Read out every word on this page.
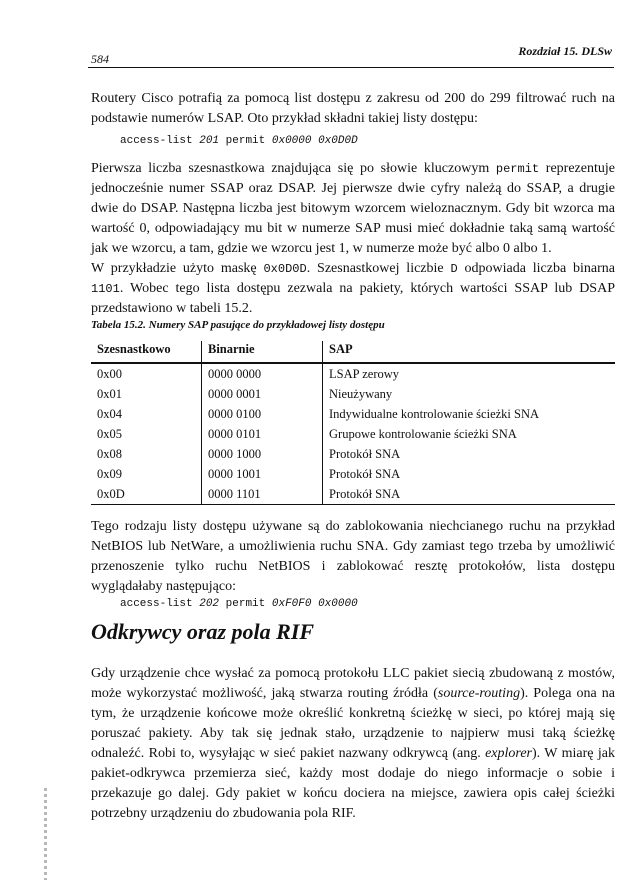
584
Rozdział 15. DLSw

Routery Cisco potrafią za pomocą list dostępu z zakresu od 200 do 299 filtrować ruch na podstawie numerów LSAP. Oto przykład składni takiej listy dostępu:

access-list 201 permit 0x0000 0x0D0D

Pierwsza liczba szesnastkowa znajdująca się po słowie kluczowym permit reprezentuje jednocześnie numer SSAP oraz DSAP. Jej pierwsze dwie cyfry należą do SSAP, a drugie dwie do DSAP. Następna liczba jest bitowym wzorcem wieloznacznym. Gdy bit wzorca ma wartość 0, odpowiadający mu bit w numerze SAP musi mieć dokładnie taką samą wartość jak we wzorcu, a tam, gdzie we wzorcu jest 1, w numerze może być albo 0 albo 1.

W przykładzie użyto maskę 0x0D0D. Szesnastkowej liczbie D odpowiada liczba binarna 1101. Wobec tego lista dostępu zezwala na pakiety, których wartości SSAP lub DSAP przedstawiono w tabeli 15.2.

Tabela 15.2. Numery SAP pasujące do przykładowej listy dostępu
Szesnastkowo	Binarnie	SAP
0x00	0000 0000	LSAP zerowy
0x01	0000 0001	Nieużywany
0x04	0000 0100	Indywidualne kontrolowanie ścieżki SNA
0x05	0000 0101	Grupowe kontrolowanie ścieżki SNA
0x08	0000 1000	Protokół SNA
0x09	0000 1001	Protokół SNA
0x0D	0000 1101	Protokół SNA

Tego rodzaju listy dostępu używane są do zablokowania niechcianego ruchu na przykład NetBIOS lub NetWare, a umożliwienia ruchu SNA. Gdy zamiast tego trzeba by umożliwić przenoszenie tylko ruchu NetBIOS i zablokować resztę protokołów, lista dostępu wyglądałaby następująco:

access-list 202 permit 0xF0F0 0x0000
Odkrywcy oraz pola RIF

Gdy urządzenie chce wysłać za pomocą protokołu LLC pakiet siecią zbudowaną z mostów, może wykorzystać możliwość, jaką stwarza routing źródła (source-routing). Polega ona na tym, że urządzenie końcowe może określić konkretną ścieżkę w sieci, po której mają się poruszać pakiety. Aby tak się jednak stało, urządzenie to najpierw musi taką ścieżkę odnaleźć. Robi to, wysyłając w sieć pakiet nazwany odkrywcą (ang. explorer). W miarę jak pakiet-odkrywca przemierza sieć, każdy most dodaje do niego informacje o sobie i przekazuje go dalej. Gdy pakiet w końcu dociera na miejsce, zawiera opis całej ścieżki potrzebny urządzeniu do zbudowania pola RIF.
